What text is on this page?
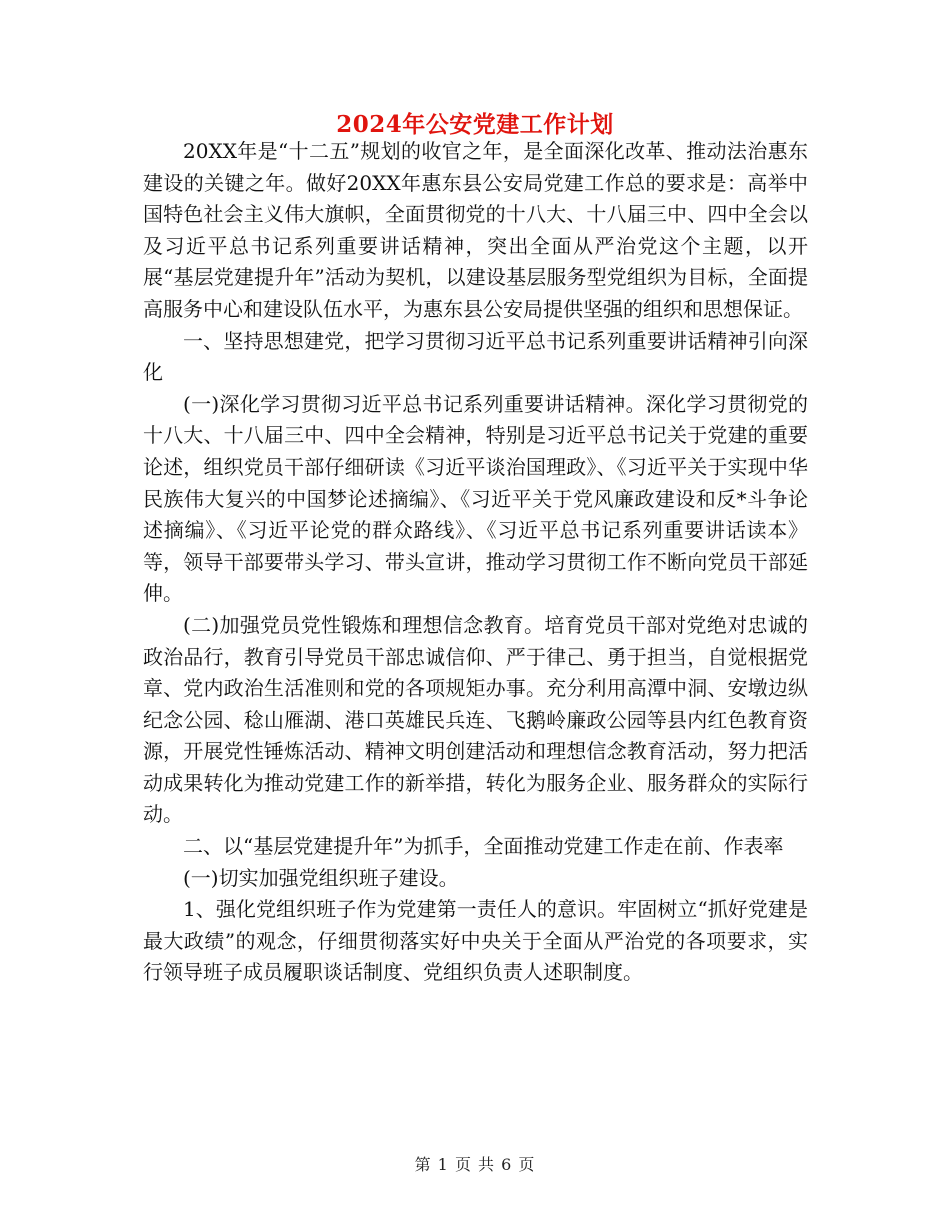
2024年公安党建工作计划

20XX年是“十二五”规划的收官之年，是全面深化改革、推动法治惠东建设的关键之年。做好20XX年惠东县公安局党建工作总的要求是：高举中国特色社会主义伟大旗帜，全面贯彻党的十八大、十八届三中、四中全会以及习近平总书记系列重要讲话精神，突出全面从严治党这个主题，以开展“基层党建提升年”活动为契机，以建设基层服务型党组织为目标，全面提高服务中心和建设队伍水平，为惠东县公安局提供坚强的组织和思想保证。

一、坚持思想建党，把学习贯彻习近平总书记系列重要讲话精神引向深化

(一)深化学习贯彻习近平总书记系列重要讲话精神。深化学习贯彻党的十八大、十八届三中、四中全会精神，特别是习近平总书记关于党建的重要论述，组织党员干部仔细研读《习近平谈治国理政》、《习近平关于实现中华民族伟大复兴的中国梦论述摘编》、《习近平关于党风廉政建设和反*斗争论述摘编》、《习近平论党的群众路线》、《习近平总书记系列重要讲话读本》等，领导干部要带头学习、带头宣讲，推动学习贯彻工作不断向党员干部延伸。

(二)加强党员党性锻炼和理想信念教育。培育党员干部对党绝对忠诚的政治品行，教育引导党员干部忠诚信仰、严于律己、勇于担当，自觉根据党章、党内政治生活准则和党的各项规矩办事。充分利用高潭中洞、安墩边纵纪念公园、稔山雁湖、港口英雄民兵连、飞鹅岭廉政公园等县内红色教育资源，开展党性锤炼活动、精神文明创建活动和理想信念教育活动，努力把活动成果转化为推动党建工作的新举措，转化为服务企业、服务群众的实际行动。

二、以“基层党建提升年”为抓手，全面推动党建工作走在前、作表率

(一)切实加强党组织班子建设。

1、强化党组织班子作为党建第一责任人的意识。牢固树立“抓好党建是最大政绩”的观念，仔细贯彻落实好中央关于全面从严治党的各项要求，实行领导班子成员履职谈话制度、党组织负责人述职制度。

第 1 页 共 6 页
